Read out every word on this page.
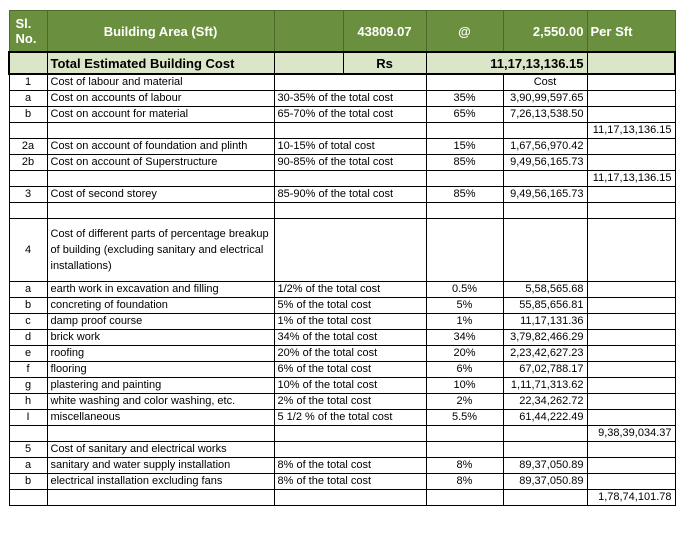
Sl. No.	Building Area (Sft)		43809.07	@	2,550.00	Per Sft
	Total Estimated Building Cost		Rs	11,17,13,136.15		
1	Cost of labour and material				Cost	
a	Cost on accounts of labour	30-35% of the total cost		35%	3,90,99,597.65	
b	Cost on account for material	65-70% of the total cost		65%	7,26,13,538.50	
						11,17,13,136.15
2a	Cost on account of foundation and plinth	10-15% of total cost		15%	1,67,56,970.42	
2b	Cost on account of Superstructure	90-85% of the total cost		85%	9,49,56,165.73	
						11,17,13,136.15
3	Cost of second storey	85-90% of the total cost		85%	9,49,56,165.73	

4	Cost of different parts of percentage breakup of building (excluding sanitary and electrical installations)					
a	earth work in excavation and filling	1/2% of the total cost		0.5%	5,58,565.68	
b	concreting of foundation	5% of the total cost		5%	55,85,656.81	
c	damp proof course	1% of the total cost		1%	11,17,131.36	
d	brick work	34% of the total cost		34%	3,79,82,466.29	
e	roofing	20% of the total cost		20%	2,23,42,627.23	
f	flooring	6% of the total cost		6%	67,02,788.17	
g	plastering and painting	10% of the total cost		10%	1,11,71,313.62	
h	white washing and color washing, etc.	2% of the total cost		2%	22,34,262.72	
I	miscellaneous	5 1/2 % of the total cost		5.5%	61,44,222.49	
						9,38,39,034.37
5	Cost of sanitary and electrical works					
a	sanitary and water supply installation	8% of the total cost		8%	89,37,050.89	
b	electrical installation excluding fans	8% of the total cost		8%	89,37,050.89	
						1,78,74,101.78
